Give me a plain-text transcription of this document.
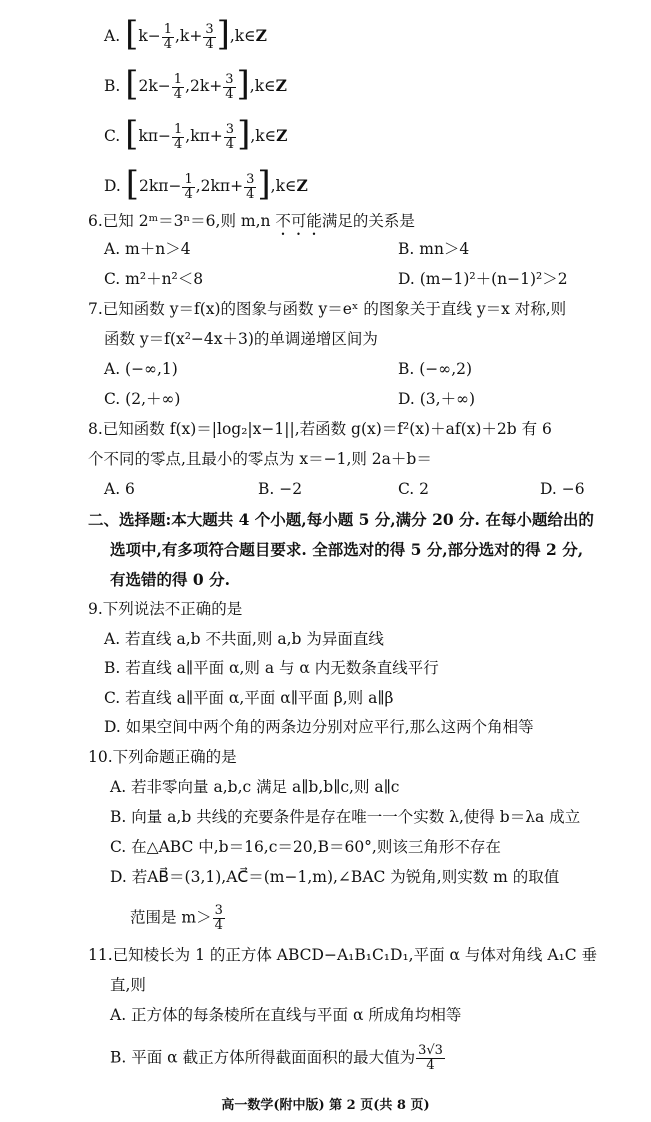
A. [$k- \frac{1}{4} ,k+ \frac{3}{4}$ ],k∈Z
B. [$2k- \frac{1}{4} ,2k+ \frac{3}{4}$ ],k∈Z
C. [$k\pi- \frac{1}{4} ,k\pi+ \frac{3}{4}$ ],k∈Z
D. [$2k\pi- \frac{1}{4} ,2k\pi+ \frac{3}{4}$ ],k∈Z
6.已知 2ᵐ＝3ⁿ＝6,则 m,n 不可能满足的关系是
A. m＋n＞4	B. mn＞4
C. m²＋n²＜8	D. (m−1)²＋(n−1)²＞2
7.已知函数 y＝f(x)的图象与函数 y＝eˣ 的图象关于直线 y＝x 对称,则
函数 y＝f(x²−4x＋3)的单调递增区间为
A. (−∞,1)	B. (−∞,2)
C. (2,＋∞)	D. (3,＋∞)
8.已知函数 f(x)＝|log₂|x−1||,若函数 g(x)＝f²(x)＋af(x)＋2b 有 6
个不同的零点,且最小的零点为 x＝−1,则 2a＋b＝
A. 6	B. −2	C. 2	D. −6
二、选择题:本大题共 4 个小题,每小题 5 分,满分 20 分. 在每小题给出的
选项中,有多项符合题目要求. 全部选对的得 5 分,部分选对的得 2 分,
有选错的得 0 分.
9.下列说法不正确的是
A. 若直线 a,b 不共面,则 a,b 为异面直线
B. 若直线 a∥平面 α,则 a 与 α 内无数条直线平行
C. 若直线 a∥平面 α,平面 α∥平面 β,则 a∥β
D. 如果空间中两个角的两条边分别对应平行,那么这两个角相等
10.下列命题正确的是
A. 若非零向量 a,b,c 满足 a∥b,b∥c,则 a∥c
B. 向量 a,b 共线的充要条件是存在唯一一个实数 λ,使得 b＝λa 成立
C. 在△ABC 中,b＝16,c＝20,B＝60°,则该三角形不存在
D. 若AB⃗＝(3,1),AC⃗＝(m−1,m),∠BAC 为锐角,则实数 m 的取值
范围是 $m> \frac{3}{4}$
11.已知棱长为 1 的正方体 ABCD−A₁B₁C₁D₁,平面 α 与体对角线 A₁C 垂
直,则
A. 正方体的每条棱所在直线与平面 α 所成角均相等
B. 平面 α 截正方体所得截面面积的最大值为 $\frac{3√3}{4}$
高一数学(附中版) 第 2 页(共 8 页)
